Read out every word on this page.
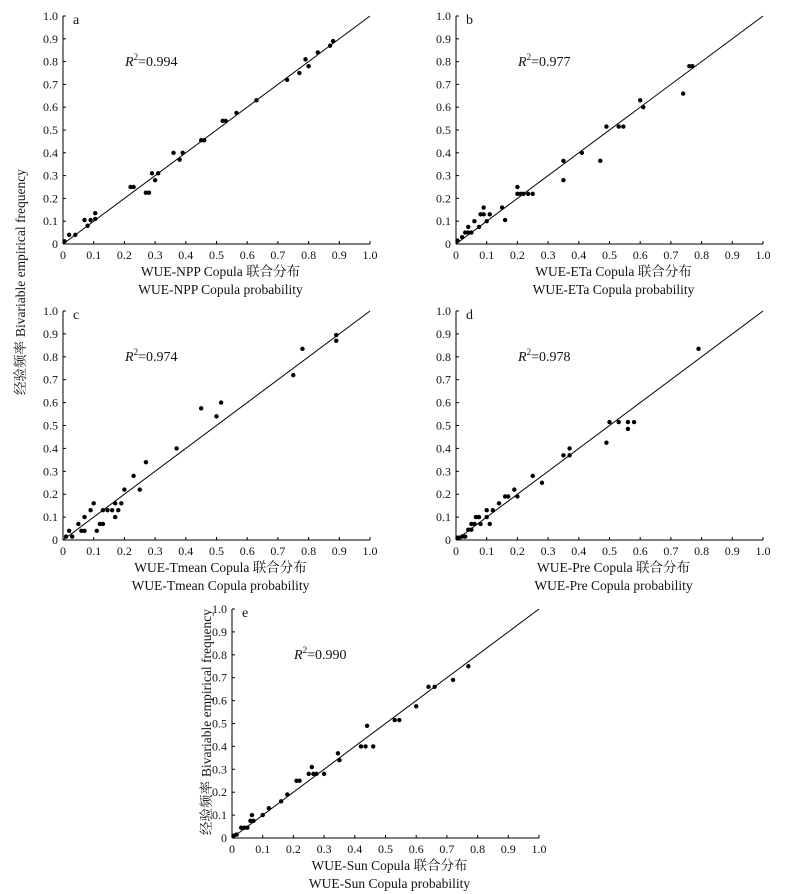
经验频率Bivariable empirical frequency
经验频率Bivariable empirical frequency
0
0.1
0.2
0.3
0.4
0.5
0.6
0.7
0.8
0.9
1.0
0 0.1 0.2 0.3 0.4 0.5 0.6 0.7 0.8 0.9 1.0
a
$R^2=0.994$
WUE-NPP Copula 联合分布
WUE-NPP Copula probability
0
0.1
0.2
0.3
0.4
0.5
0.6
0.7
0.8
0.9
1.0
0 0.1 0.2 0.3 0.4 0.5 0.6 0.7 0.8 0.9 1.0
b
$R^2=0.977$
WUE-ETa Copula 联合分布
WUE-ETa Copula probability
0
0.1
0.2
0.3
0.4
0.5
0.6
0.7
0.8
0.9
1.0
0 0.1 0.2 0.3 0.4 0.5 0.6 0.7 0.8 0.9 1.0
c
$R^2=0.974$
WUE-Tmean Copula 联合分布
WUE-Tmean Copula probability
0
0.1
0.2
0.3
0.4
0.5
0.6
0.7
0.8
0.9
1.0
0 0.1 0.2 0.3 0.4 0.5 0.6 0.7 0.8 0.9 1.0
d
$R^2=0.978$
WUE-Pre Copula 联合分布
WUE-Pre Copula probability
0
0.1
0.2
0.3
0.4
0.5
0.6
0.7
0.8
0.9
1.0
0 0.1 0.2 0.3 0.4 0.5 0.6 0.7 0.8 0.9 1.0
e
$R^2=0.990$
WUE-Sun Copula 联合分布
WUE-Sun Copula probability
